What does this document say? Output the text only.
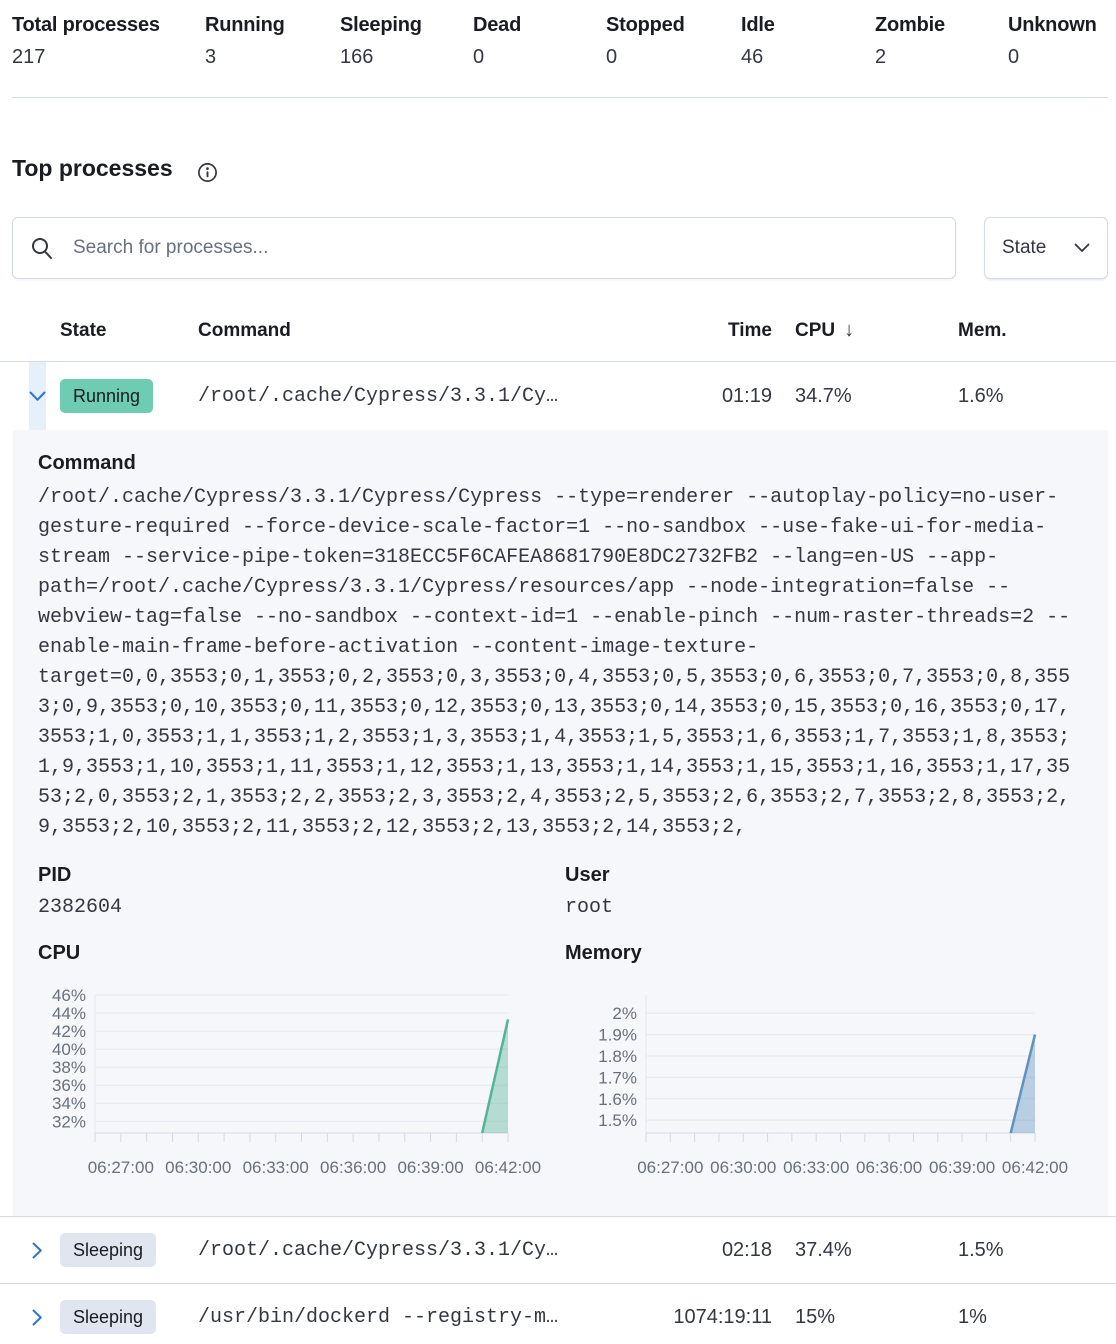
Total processes
217
Running
3
Sleeping
166
Dead
0
Stopped
0
Idle
46
Zombie
2
Unknown
0
Top processes
Search for processes...
State
State	Command	Time CPU ↓	Mem.
Running	/root/.cache/Cypress/3.3.1/Cy…	01:19 34.7%	1.6%
Command
/root/.cache/Cypress/3.3.1/Cypress/Cypress --type=renderer --autoplay-policy=no-user-gesture-required --force-device-scale-factor=1 --no-sandbox --use-fake-ui-for-media-stream --service-pipe-token=318ECC5F6CAFEA8681790E8DC2732FB2 --lang=en-US --app-path=/root/.cache/Cypress/3.3.1/Cypress/resources/app --node-integration=false --webview-tag=false --no-sandbox --context-id=1 --enable-pinch --num-raster-threads=2 --enable-main-frame-before-activation --content-image-texture-target=0,0,3553;0,1,3553;0,2,3553;0,3,3553;0,4,3553;0,5,3553;0,6,3553;0,7,3553;0,8,3553;0,9,3553;0,10,3553;0,11,3553;0,12,3553;0,13,3553;0,14,3553;0,15,3553;0,16,3553;0,17,3553;1,0,3553;1,1,3553;1,2,3553;1,3,3553;1,4,3553;1,5,3553;1,6,3553;1,7,3553;1,8,3553;1,9,3553;1,10,3553;1,11,3553;1,12,3553;1,13,3553;1,14,3553;1,15,3553;1,16,3553;1,17,3553;2,0,3553;2,1,3553;2,2,3553;2,3,3553;2,4,3553;2,5,3553;2,6,3553;2,7,3553;2,8,3553;2,9,3553;2,10,3553;2,11,3553;2,12,3553;2,13,3553;2,14,3553;2,
PID
2382604
User
root
CPU	Memory
46%
44%
42%
40%
38%
36%
34%
32%
06:27:00 06:30:00 06:33:00 06:36:00 06:39:00 06:42:00
2%
1.9%
1.8%
1.7%
1.6%
1.5%
06:27:00 06:30:00 06:33:00 06:36:00 06:39:00 06:42:00
Sleeping	/root/.cache/Cypress/3.3.1/Cy…	02:18 37.4%	1.5%
Sleeping	/usr/bin/dockerd --registry-m…	1074:19:11 15%	1%
